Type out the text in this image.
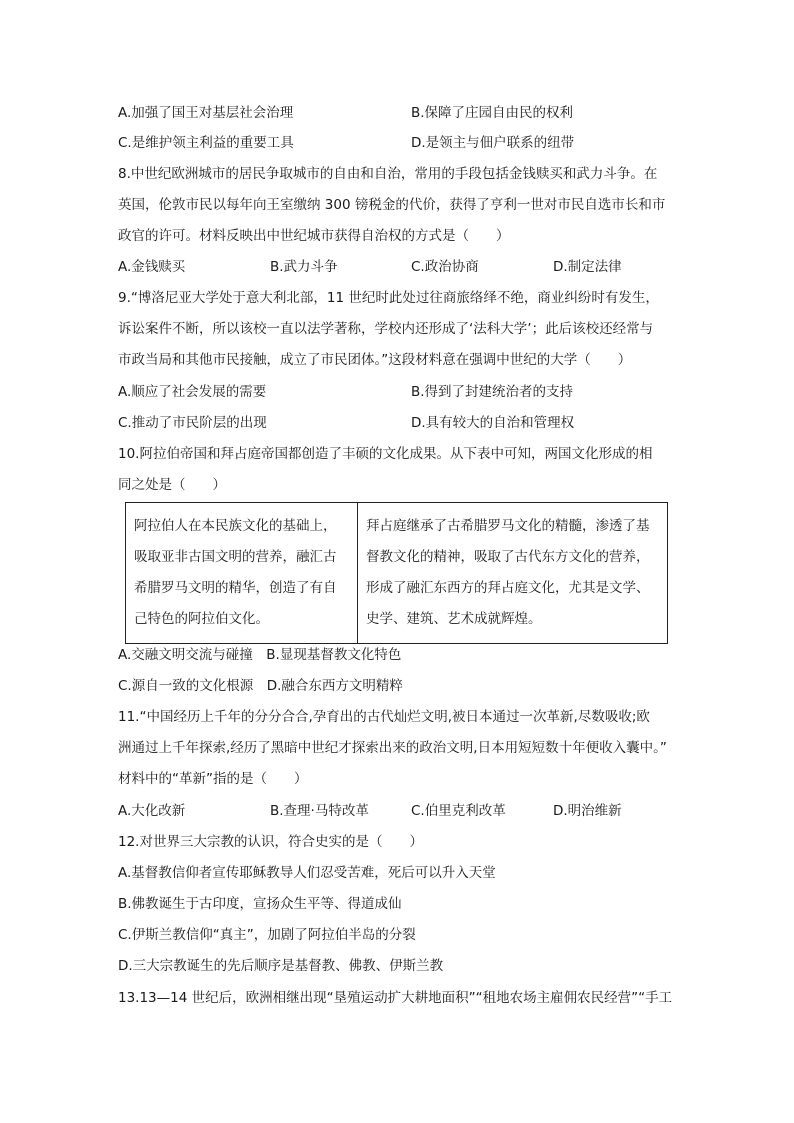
A.加强了国王对基层社会治理	B.保障了庄园自由民的权利
C.是维护领主利益的重要工具	D.是领主与佃户联系的纽带
8.中世纪欧洲城市的居民争取城市的自由和自治，常用的手段包括金钱赎买和武力斗争。在
英国，伦敦市民以每年向王室缴纳 300 镑税金的代价，获得了亨利一世对市民自选市长和市
政官的许可。材料反映出中世纪城市获得自治权的方式是（　　）
A.金钱赎买	B.武力斗争	C.政治协商	D.制定法律
9.“博洛尼亚大学处于意大利北部，11 世纪时此处过往商旅络绎不绝，商业纠纷时有发生，
诉讼案件不断，所以该校一直以法学著称，学校内还形成了‘法科大学’；此后该校还经常与
市政当局和其他市民接触，成立了市民团体。”这段材料意在强调中世纪的大学（　　）
A.顺应了社会发展的需要	B.得到了封建统治者的支持
C.推动了市民阶层的出现	D.具有较大的自治和管理权
10.阿拉伯帝国和拜占庭帝国都创造了丰硕的文化成果。从下表中可知，两国文化形成的相
同之处是（　　）
阿拉伯人在本民族文化的基础上，吸取亚非古国文明的营养，融汇古希腊罗马文明的精华，创造了有自己特色的阿拉伯文化。	拜占庭继承了古希腊罗马文化的精髓，渗透了基督教文化的精神，吸取了古代东方文化的营养，形成了融汇东西方的拜占庭文化，尤其是文学、史学、建筑、艺术成就辉煌。
A.交融文明交流与碰撞　B.显现基督教文化特色
C.源自一致的文化根源　D.融合东西方文明精粹
11.“中国经历上千年的分分合合,孕育出的古代灿烂文明,被日本通过一次革新,尽数吸收;欧
洲通过上千年探索,经历了黑暗中世纪才探索出来的政治文明,日本用短短数十年便收入囊中。”
材料中的“革新”指的是（　　）
A.大化改新	B.查理·马特改革	C.伯里克利改革	D.明治维新
12.对世界三大宗教的认识，符合史实的是（　　）
A.基督教信仰者宣传耶稣教导人们忍受苦难，死后可以升入天堂
B.佛教诞生于古印度，宣扬众生平等、得道成仙
C.伊斯兰教信仰“真主”，加剧了阿拉伯半岛的分裂
D.三大宗教诞生的先后顺序是基督教、佛教、伊斯兰教
13.13—14 世纪后，欧洲相继出现“垦殖运动扩大耕地面积”“租地农场主雇佣农民经营”“手工
